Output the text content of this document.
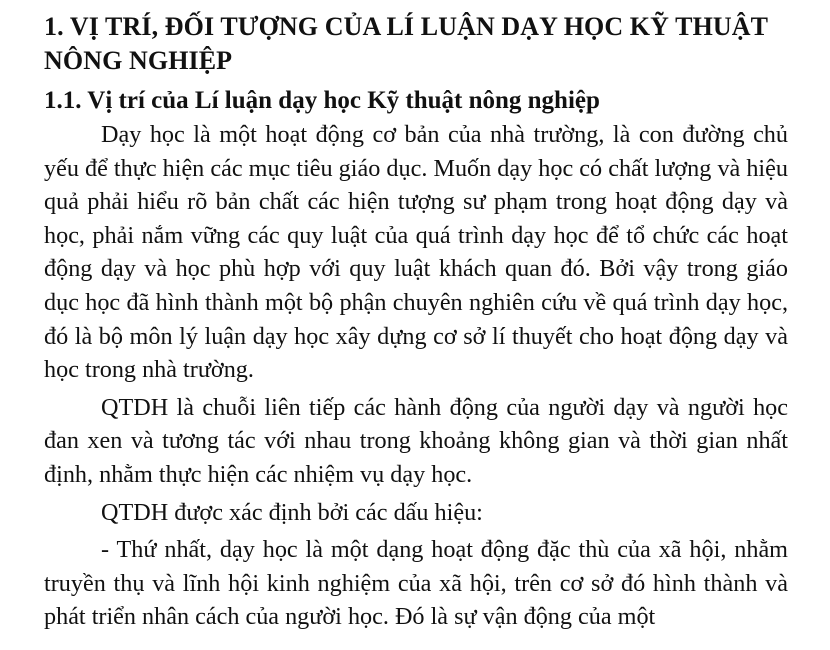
1. VỊ TRÍ, ĐỐI TƯỢNG CỦA LÍ LUẬN DẠY HỌC KỸ THUẬT NÔNG NGHIỆP
1.1. Vị trí của Lí luận dạy học Kỹ thuật nông nghiệp

Dạy học là một hoạt động cơ bản của nhà trường, là con đường chủ yếu để thực hiện các mục tiêu giáo dục. Muốn dạy học có chất lượng và hiệu quả phải hiểu rõ bản chất các hiện tượng sư phạm trong hoạt động dạy và học, phải nắm vững các quy luật của quá trình dạy học để tổ chức các hoạt động dạy và học phù hợp với quy luật khách quan đó. Bởi vậy trong giáo dục học đã hình thành một bộ phận chuyên nghiên cứu về quá trình dạy học, đó là bộ môn lý luận dạy học xây dựng cơ sở lí thuyết cho hoạt động dạy và học trong nhà trường.

QTDH là chuỗi liên tiếp các hành động của người dạy và người học đan xen và tương tác với nhau trong khoảng không gian và thời gian nhất định, nhằm thực hiện các nhiệm vụ dạy học.

QTDH được xác định bởi các dấu hiệu:

- Thứ nhất, dạy học là một dạng hoạt động đặc thù của xã hội, nhằm truyền thụ và lĩnh hội kinh nghiệm của xã hội, trên cơ sở đó hình thành và phát triển nhân cách của người học. Đó là sự vận động của một
